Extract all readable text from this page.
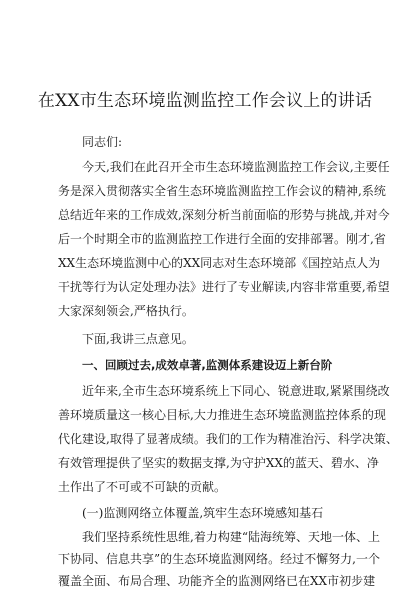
在XX市生态环境监测监控工作会议上的讲话
同志们:
今天,我们在此召开全市生态环境监测监控工作会议,主要任
务是深入贯彻落实全省生态环境监测监控工作会议的精神,系统
总结近年来的工作成效,深刻分析当前面临的形势与挑战,并对今
后一个时期全市的监测监控工作进行全面的安排部署。刚才,省
XX生态环境监测中心的XX同志对生态环境部《国控站点人为
干扰等行为认定处理办法》进行了专业解读,内容非常重要,希望
大家深刻领会,严格执行。
下面,我讲三点意见。
一、回顾过去,成效卓著,监测体系建设迈上新台阶
近年来,全市生态环境系统上下同心、锐意进取,紧紧围绕改
善环境质量这一核心目标,大力推进生态环境监测监控体系的现
代化建设,取得了显著成绩。我们的工作为精准治污、科学决策、
有效管理提供了坚实的数据支撑,为守护XX的蓝天、碧水、净
土作出了不可或不可缺的贡献。
(一)监测网络立体覆盖,筑牢生态环境感知基石
我们坚持系统性思维,着力构建“陆海统筹、天地一体、上
下协同、信息共享”的生态环境监测网络。经过不懈努力,一个
覆盖全面、布局合理、功能齐全的监测网络已在XX市初步建
